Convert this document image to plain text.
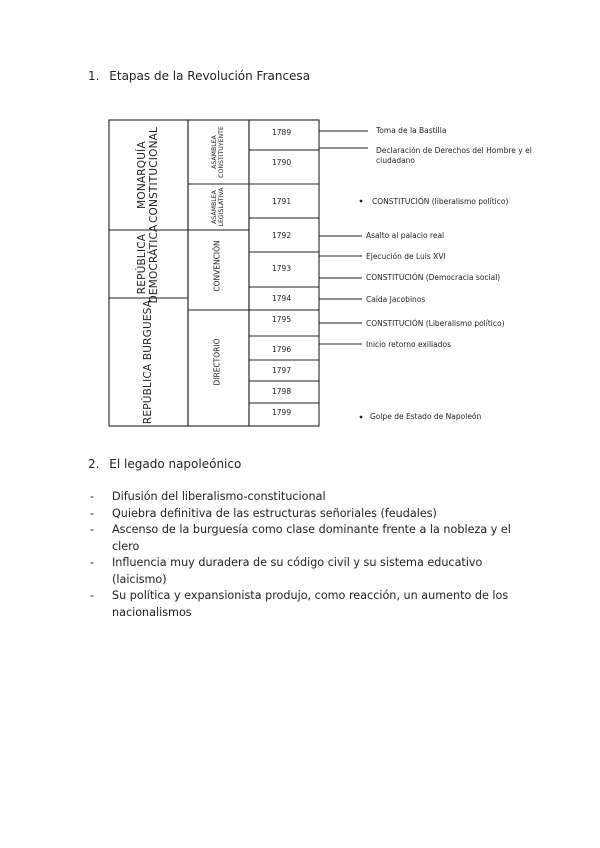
1. Etapas de la Revolución Francesa
MONARQUÍA CONSTITUCIONAL
REPÚBLICA DEMOCRÁTICA
REPÚBLICA BURGUESA
ASAMBLEA CONSTITUYENTE
ASAMBLEA LEGISLATIVA
CONVENCIÓN
DIRECTORIO
1789
1790
1791
1792
1793
1794
1795
1796
1797
1798
1799
Toma de la Bastilla
Declaración de Derechos del Hombre y el ciudadano
CONSTITUCIÓN (liberalismo político)
Asalto al palacio real
Ejecución de Luis XVI
CONSTITUCIÓN (Democracia social)
Caída Jacobinos
CONSTITUCIÓN (Liberalismo político)
Inicio retorno exiliados
Golpe de Estado de Napoleón
2. El legado napoleónico
- Difusión del liberalismo-constitucional
- Quiebra definitiva de las estructuras señoriales (feudales)
- Ascenso de la burguesía como clase dominante frente a la nobleza y el clero
- Influencia muy duradera de su código civil y su sistema educativo (laicismo)
- Su política y expansionista produjo, como reacción, un aumento de los nacionalismos
